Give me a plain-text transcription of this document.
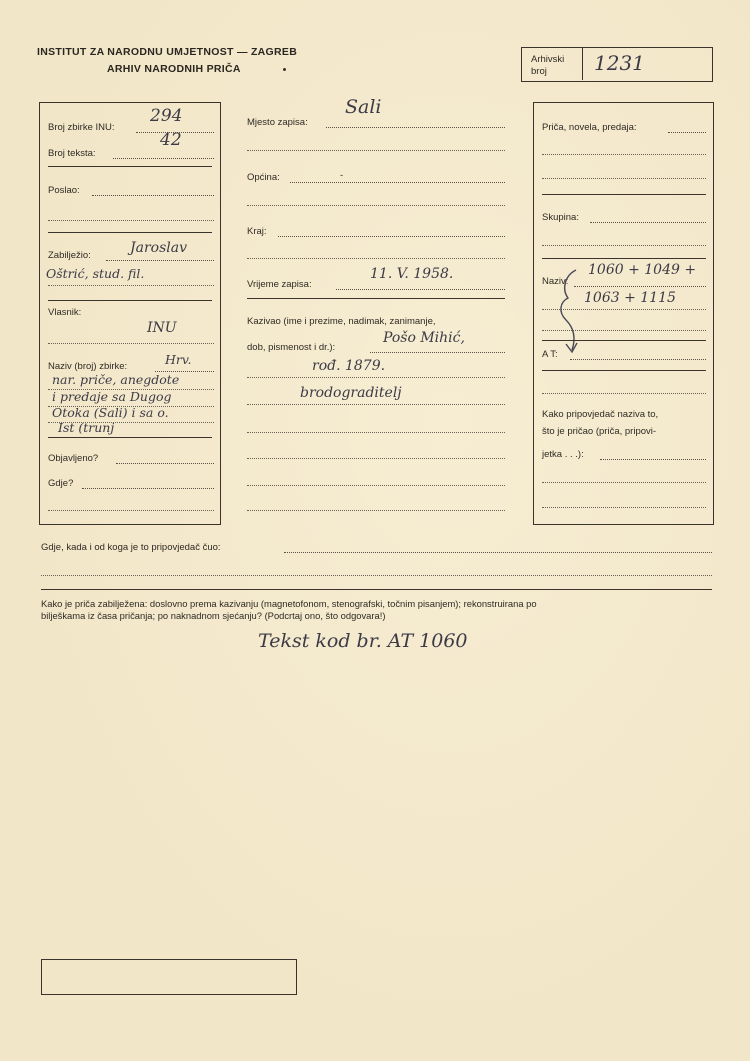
INSTITUT ZA NARODNU UMJETNOST — ZAGREB
ARHIV NARODNIH PRIČA
Arhivski broj	1231
Broj zbirke INU:
294
Broj teksta:
42
Poslao:
Zabilježio:	Jaroslav
Oštrić, stud. fil.
Vlasnik:
INU
Naziv (broj) zbirke:	Hrv.
nar. priče, anegdote
i predaje sa Dugog
Otoka (Sali) i sa o.
Ist (trunj
Objavljeno?
Gdje?
Mjesto zapisa:
Sali
Općina:	-
Kraj:
Vrijeme zapisa:
11. V. 1958.
Kazivao (ime i prezime, nadimak, zanimanje,
dob, pismenost i dr.):
Pošo Mihić,
rođ. 1879.
brodograditelj
Priča, novela, predaja:
Skupina:
Naziv:
1060 + 1049 +
1063 + 1115
A T:
Kako pripovjedač naziva to,
što je pričao (priča, pripovi-
jetka . . .):
Gdje, kada i od koga je to pripovjedač čuo:
Kako je priča zabilježena: doslovno prema kazivanju (magnetofonom, stenografski, točnim pisanjem); rekonstruirana po
bilješkama iz časa pričanja; po naknadnom sjećanju? (Podcrtaj ono, što odgovara!)
Tekst kod br. AT 1060
